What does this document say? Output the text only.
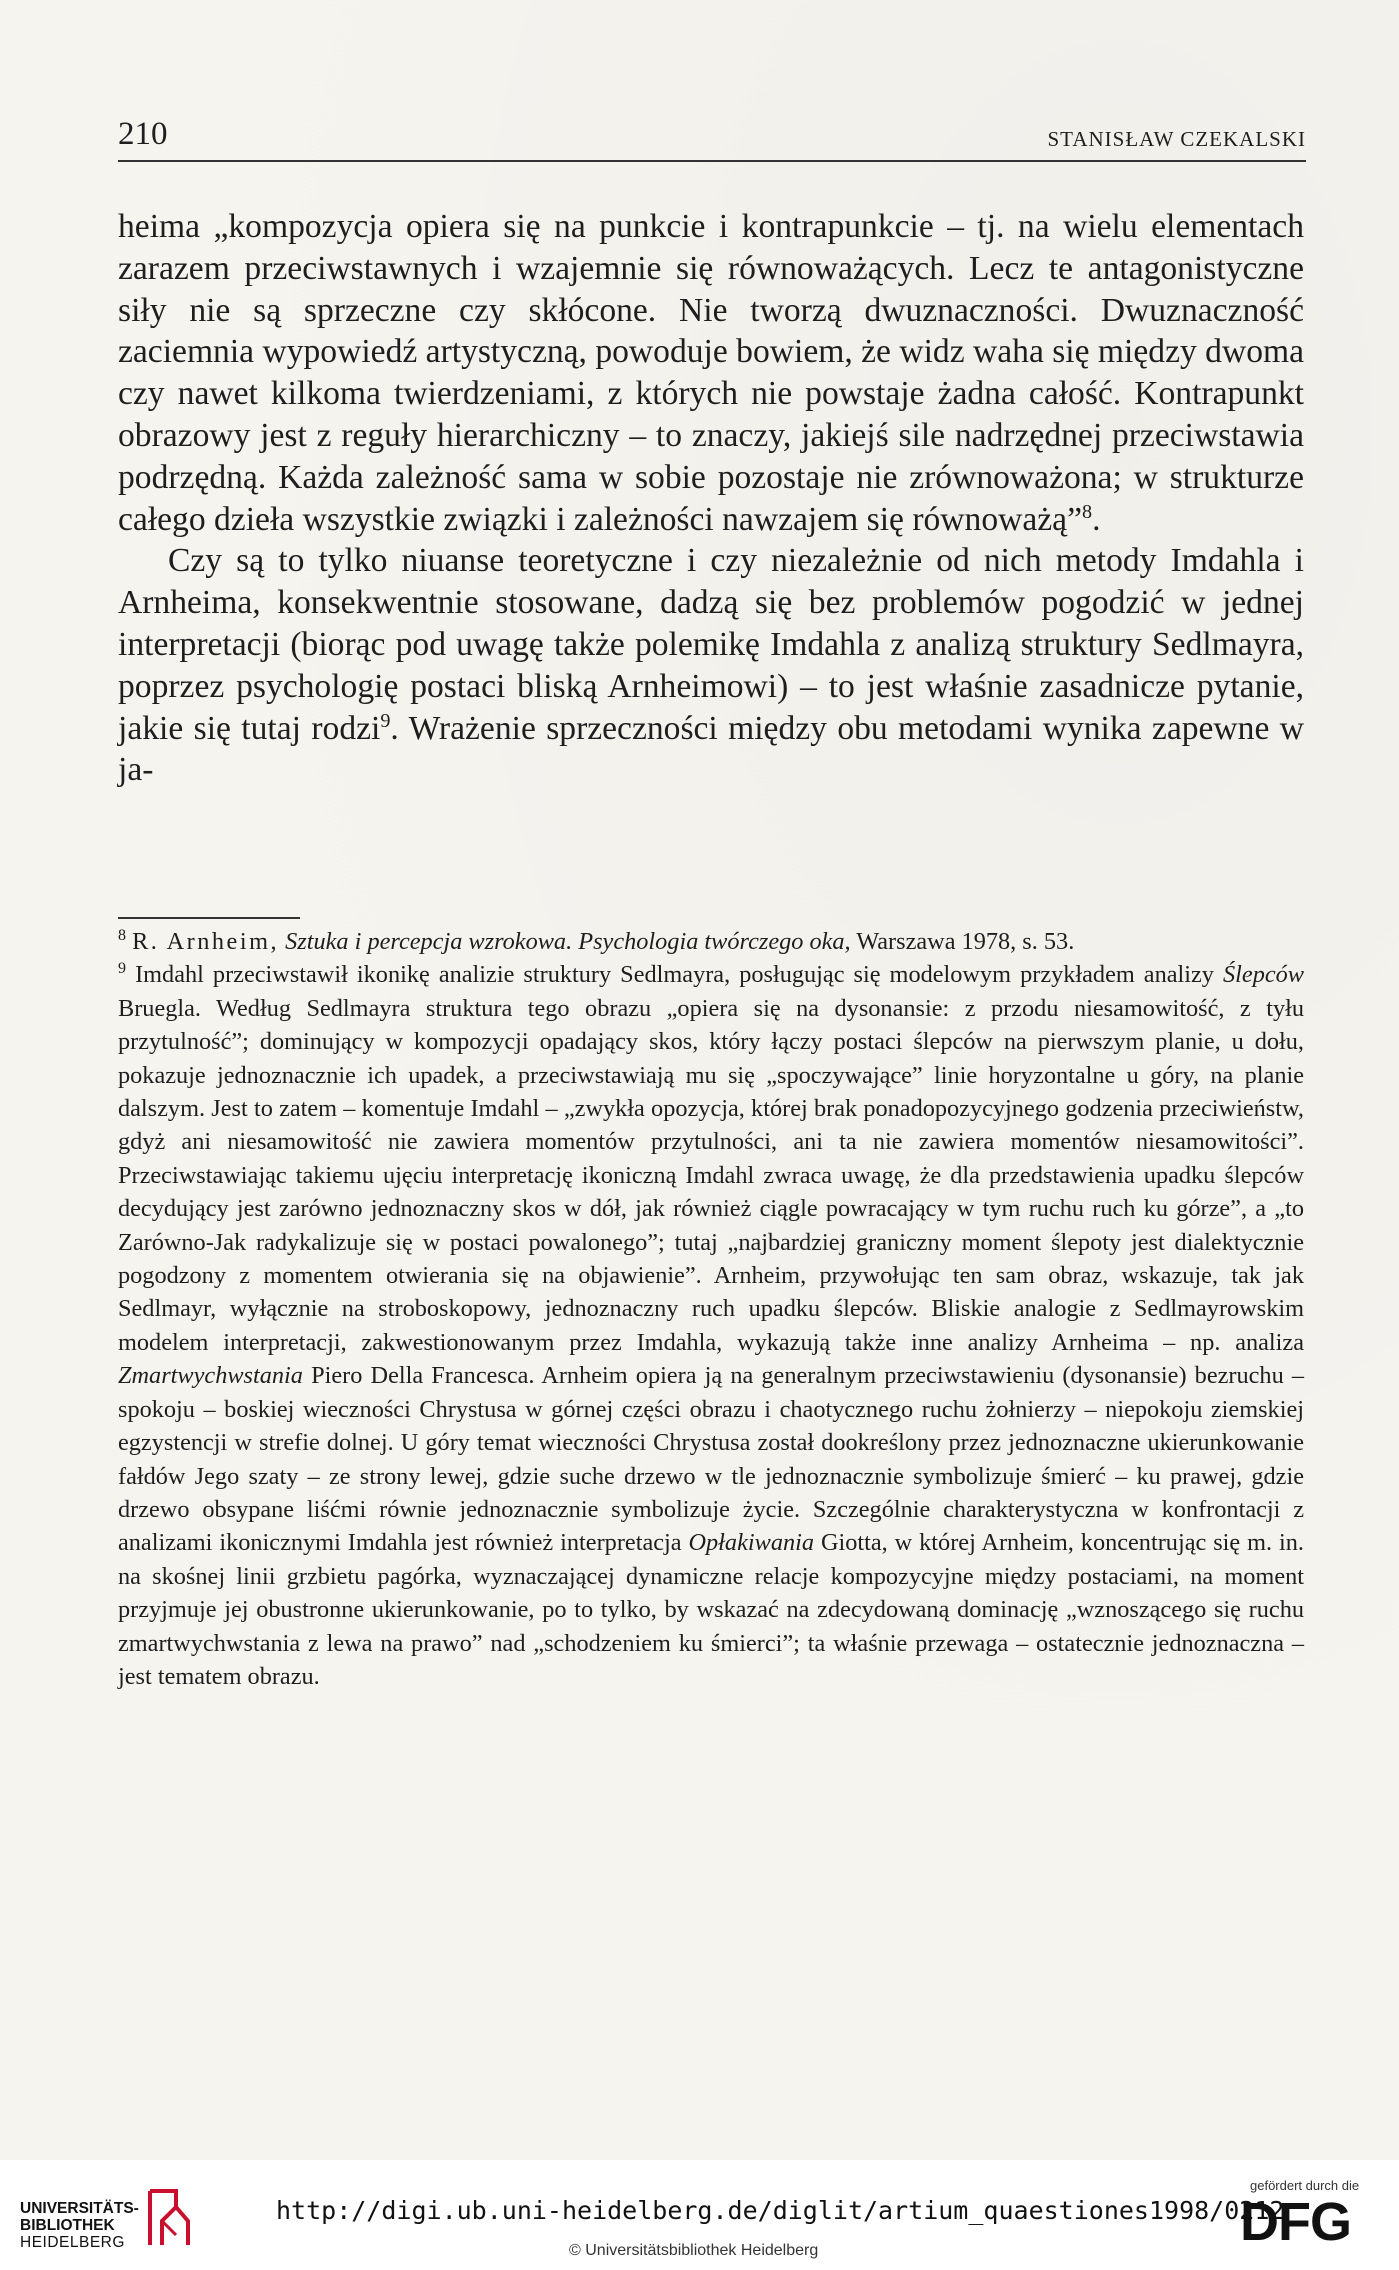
210	STANISŁAW CZEKALSKI

heima „kompozycja opiera się na punkcie i kontrapunkcie – tj. na wielu elementach zarazem przeciwstawnych i wzajemnie się równoważących. Lecz te antagonistyczne siły nie są sprzeczne czy skłócone. Nie tworzą dwuznaczności. Dwuznaczność zaciemnia wypowiedź artystyczną, powoduje bowiem, że widz waha się między dwoma czy nawet kilkoma twierdzeniami, z których nie powstaje żadna całość. Kontrapunkt obrazowy jest z reguły hierarchiczny – to znaczy, jakiejś sile nadrzędnej przeciwstawia podrzędną. Każda zależność sama w sobie pozostaje nie zrównoważona; w strukturze całego dzieła wszystkie związki i zależności nawzajem się równoważą”$^8$.

Czy są to tylko niuanse teoretyczne i czy niezależnie od nich metody Imdahla i Arnheima, konsekwentnie stosowane, dadzą się bez problemów pogodzić w jednej interpretacji (biorąc pod uwagę także polemikę Imdahla z analizą struktury Sedlmayra, poprzez psychologię postaci bliską Arnheimowi) – to jest właśnie zasadnicze pytanie, jakie się tutaj rodzi$^9$. Wrażenie sprzeczności między obu metodami wynika zapewne w ja-

$^8$ R. Arnheim, Sztuka i percepcja wzrokowa. Psychologia twórczego oka, Warszawa 1978, s. 53.

$^9$ Imdahl przeciwstawił ikonikę analizie struktury Sedlmayra, posługując się modelowym przykładem analizy Ślepców Bruegla. Według Sedlmayra struktura tego obrazu „opiera się na dysonansie: z przodu niesamowitość, z tyłu przytulność”; dominujący w kompozycji opadający skos, który łączy postaci ślepców na pierwszym planie, u dołu, pokazuje jednoznacznie ich upadek, a przeciwstawiają mu się „spoczywające” linie horyzontalne u góry, na planie dalszym. Jest to zatem – komentuje Imdahl – „zwykła opozycja, której brak ponadopozycyjnego godzenia przeciwieństw, gdyż ani niesamowitość nie zawiera momentów przytulności, ani ta nie zawiera momentów niesamowitości”. Przeciwstawiając takiemu ujęciu interpretację ikoniczną Imdahl zwraca uwagę, że dla przedstawienia upadku ślepców decydujący jest zarówno jednoznaczny skos w dół, jak również ciągle powracający w tym ruchu ruch ku górze”, a „to Zarówno-Jak radykalizuje się w postaci powalonego”; tutaj „najbardziej graniczny moment ślepoty jest dialektycznie pogodzony z momentem otwierania się na objawienie”. Arnheim, przywołując ten sam obraz, wskazuje, tak jak Sedlmayr, wyłącznie na stroboskopowy, jednoznaczny ruch upadku ślepców. Bliskie analogie z Sedlmayrowskim modelem interpretacji, zakwestionowanym przez Imdahla, wykazują także inne analizy Arnheima – np. analiza Zmartwychwstania Piero Della Francesca. Arnheim opiera ją na generalnym przeciwstawieniu (dysonansie) bezruchu – spokoju – boskiej wieczności Chrystusa w górnej części obrazu i chaotycznego ruchu żołnierzy – niepokoju ziemskiej egzystencji w strefie dolnej. U góry temat wieczności Chrystusa został dookreślony przez jednoznaczne ukierunkowanie fałdów Jego szaty – ze strony lewej, gdzie suche drzewo w tle jednoznacznie symbolizuje śmierć – ku prawej, gdzie drzewo obsypane liśćmi równie jednoznacznie symbolizuje życie. Szczególnie charakterystyczna w konfrontacji z analizami ikonicznymi Imdahla jest również interpretacja Opłakiwania Giotta, w której Arnheim, koncentrując się m. in. na skośnej linii grzbietu pagórka, wyznaczającej dynamiczne relacje kompozycyjne między postaciami, na moment przyjmuje jej obustronne ukierunkowanie, po to tylko, by wskazać na zdecydowaną dominację „wznoszącego się ruchu zmartwychwstania z lewa na prawo” nad „schodzeniem ku śmierci”; ta właśnie przewaga – ostatecznie jednoznaczna – jest tematem obrazu.

UNIVERSITÄTS-
BIBLIOTHEK
HEIDELBERG
http://digi.ub.uni-heidelberg.de/diglit/artium_quaestiones1998/0212
© Universitätsbibliothek Heidelberg
gefördert durch die
DFG
